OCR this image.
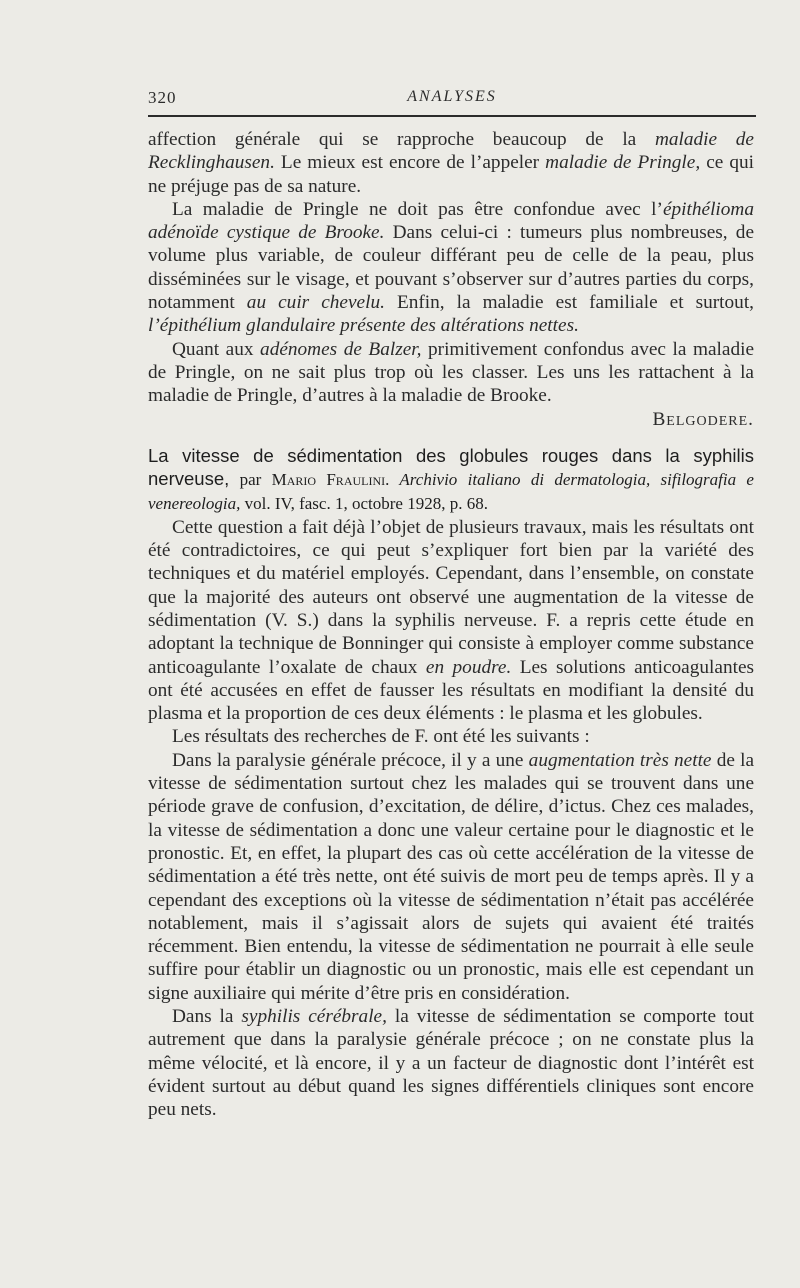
320	ANALYSES

affection générale qui se rapproche beaucoup de la maladie de Recklinghausen. Le mieux est encore de l’appeler maladie de Pringle, ce qui ne préjuge pas de sa nature.

La maladie de Pringle ne doit pas être confondue avec l’épithélioma adénoïde cystique de Brooke. Dans celui-ci : tumeurs plus nombreuses, de volume plus variable, de couleur différant peu de celle de la peau, plus disséminées sur le visage, et pouvant s’observer sur d’autres parties du corps, notamment au cuir chevelu. Enfin, la maladie est familiale et surtout, l’épithélium glandulaire présente des altérations nettes.

Quant aux adénomes de Balzer, primitivement confondus avec la maladie de Pringle, on ne sait plus trop où les classer. Les uns les rattachent à la maladie de Pringle, d’autres à la maladie de Brooke.

Belgodere.

La vitesse de sédimentation des globules rouges dans la syphilis nerveuse, par Mario Fraulini. Archivio italiano di dermatologia, sifilografia e venereologia, vol. IV, fasc. 1, octobre 1928, p. 68.

Cette question a fait déjà l’objet de plusieurs travaux, mais les résultats ont été contradictoires, ce qui peut s’expliquer fort bien par la variété des techniques et du matériel employés. Cependant, dans l’ensemble, on constate que la majorité des auteurs ont observé une augmentation de la vitesse de sédimentation (V. S.) dans la syphilis nerveuse. F. a repris cette étude en adoptant la technique de Bonninger qui consiste à employer comme substance anticoagulante l’oxalate de chaux en poudre. Les solutions anticoagulantes ont été accusées en effet de fausser les résultats en modifiant la densité du plasma et la proportion de ces deux éléments : le plasma et les globules.

Les résultats des recherches de F. ont été les suivants :

Dans la paralysie générale précoce, il y a une augmentation très nette de la vitesse de sédimentation surtout chez les malades qui se trouvent dans une période grave de confusion, d’excitation, de délire, d’ictus. Chez ces malades, la vitesse de sédimentation a donc une valeur certaine pour le diagnostic et le pronostic. Et, en effet, la plupart des cas où cette accélération de la vitesse de sédimentation a été très nette, ont été suivis de mort peu de temps après. Il y a cependant des exceptions où la vitesse de sédimentation n’était pas accélérée notablement, mais il s’agissait alors de sujets qui avaient été traités récemment. Bien entendu, la vitesse de sédimentation ne pourrait à elle seule suffire pour établir un diagnostic ou un pronostic, mais elle est cependant un signe auxiliaire qui mérite d’être pris en considération.

Dans la syphilis cérébrale, la vitesse de sédimentation se comporte tout autrement que dans la paralysie générale précoce ; on ne constate plus la même vélocité, et là encore, il y a un facteur de diagnostic dont l’intérêt est évident surtout au début quand les signes différentiels cliniques sont encore peu nets.
